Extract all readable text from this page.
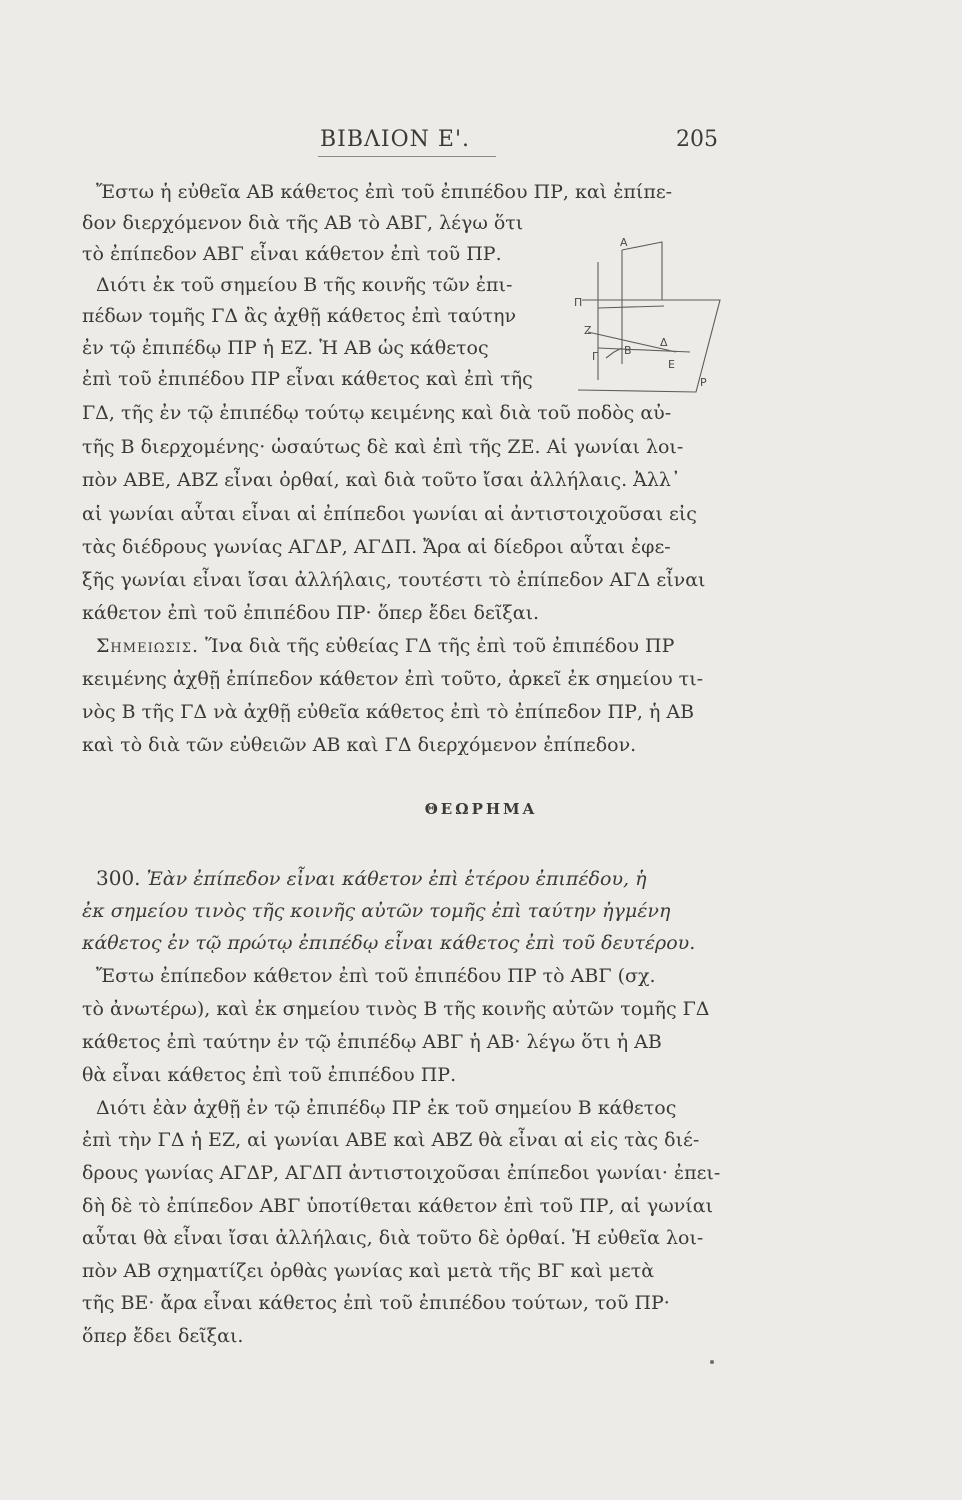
ΒΙΒΛΙΟΝ Ε'.	205
Α
Π
Ζ
Β
Δ
Γ
Ε
Ρ
Ἔστω ἡ εὐθεῖα ΑΒ κάθετος ἐπὶ τοῦ ἐπιπέδου ΠΡ, καὶ ἐπίπε-
δον διερχόμενον διὰ τῆς ΑΒ τὸ ΑΒΓ, λέγω ὅτι
τὸ ἐπίπεδον ΑΒΓ εἶναι κάθετον ἐπὶ τοῦ ΠΡ.
Διότι ἐκ τοῦ σημείου Β τῆς κοινῆς τῶν ἐπι-
πέδων τομῆς ΓΔ ἂς ἀχθῇ κάθετος ἐπὶ ταύτην
ἐν τῷ ἐπιπέδῳ ΠΡ ἡ ΕΖ. Ἡ ΑΒ ὡς κάθετος
ἐπὶ τοῦ ἐπιπέδου ΠΡ εἶναι κάθετος καὶ ἐπὶ τῆς
ΓΔ, τῆς ἐν τῷ ἐπιπέδῳ τούτῳ κειμένης καὶ διὰ τοῦ ποδὸς αὐ-
τῆς Β διερχομένης· ὡσαύτως δὲ καὶ ἐπὶ τῆς ΖΕ. Αἱ γωνίαι λοι-
πὸν ΑΒΕ, ΑΒΖ εἶναι ὀρθαί, καὶ διὰ τοῦτο ἴσαι ἀλλήλαις. Ἀλλ᾽
αἱ γωνίαι αὗται εἶναι αἱ ἐπίπεδοι γωνίαι αἱ ἀντιστοιχοῦσαι εἰς
τὰς διέδρους γωνίας ΑΓΔΡ, ΑΓΔΠ. Ἄρα αἱ δίεδροι αὗται ἐφε-
ξῆς γωνίαι εἶναι ἴσαι ἀλλήλαις, τουτέστι τὸ ἐπίπεδον ΑΓΔ εἶναι
κάθετον ἐπὶ τοῦ ἐπιπέδου ΠΡ· ὅπερ ἔδει δεῖξαι.
Σημειωσις. Ἵνα διὰ τῆς εὐθείας ΓΔ τῆς ἐπὶ τοῦ ἐπιπέδου ΠΡ
κειμένης ἀχθῇ ἐπίπεδον κάθετον ἐπὶ τοῦτο, ἀρκεῖ ἐκ σημείου τι-
νὸς Β τῆς ΓΔ νὰ ἀχθῇ εὐθεῖα κάθετος ἐπὶ τὸ ἐπίπεδον ΠΡ, ἡ ΑΒ
καὶ τὸ διὰ τῶν εὐθειῶν ΑΒ καὶ ΓΔ διερχόμενον ἐπίπεδον.
ΘΕΩΡΗΜΑ
300. Ἐὰν ἐπίπεδον εἶναι κάθετον ἐπὶ ἑτέρου ἐπιπέδου, ἡ
ἐκ σημείου τινὸς τῆς κοινῆς αὐτῶν τομῆς ἐπὶ ταύτην ἠγμένη
κάθετος ἐν τῷ πρώτῳ ἐπιπέδῳ εἶναι κάθετος ἐπὶ τοῦ δευτέρου.
Ἔστω ἐπίπεδον κάθετον ἐπὶ τοῦ ἐπιπέδου ΠΡ τὸ ΑΒΓ (σχ.
τὸ ἀνωτέρω), καὶ ἐκ σημείου τινὸς Β τῆς κοινῆς αὐτῶν τομῆς ΓΔ
κάθετος ἐπὶ ταύτην ἐν τῷ ἐπιπέδῳ ΑΒΓ ἡ ΑΒ· λέγω ὅτι ἡ ΑΒ
θὰ εἶναι κάθετος ἐπὶ τοῦ ἐπιπέδου ΠΡ.
Διότι ἐὰν ἀχθῇ ἐν τῷ ἐπιπέδῳ ΠΡ ἐκ τοῦ σημείου Β κάθετος
ἐπὶ τὴν ΓΔ ἡ ΕΖ, αἱ γωνίαι ΑΒΕ καὶ ΑΒΖ θὰ εἶναι αἱ εἰς τὰς διέ-
δρους γωνίας ΑΓΔΡ, ΑΓΔΠ ἀντιστοιχοῦσαι ἐπίπεδοι γωνίαι· ἐπει-
δὴ δὲ τὸ ἐπίπεδον ΑΒΓ ὑποτίθεται κάθετον ἐπὶ τοῦ ΠΡ, αἱ γωνίαι
αὗται θὰ εἶναι ἴσαι ἀλλήλαις, διὰ τοῦτο δὲ ὀρθαί. Ἡ εὐθεῖα λοι-
πὸν ΑΒ σχηματίζει ὀρθὰς γωνίας καὶ μετὰ τῆς ΒΓ καὶ μετὰ
τῆς ΒΕ· ἄρα εἶναι κάθετος ἐπὶ τοῦ ἐπιπέδου τούτων, τοῦ ΠΡ·
ὅπερ ἔδει δεῖξαι.
